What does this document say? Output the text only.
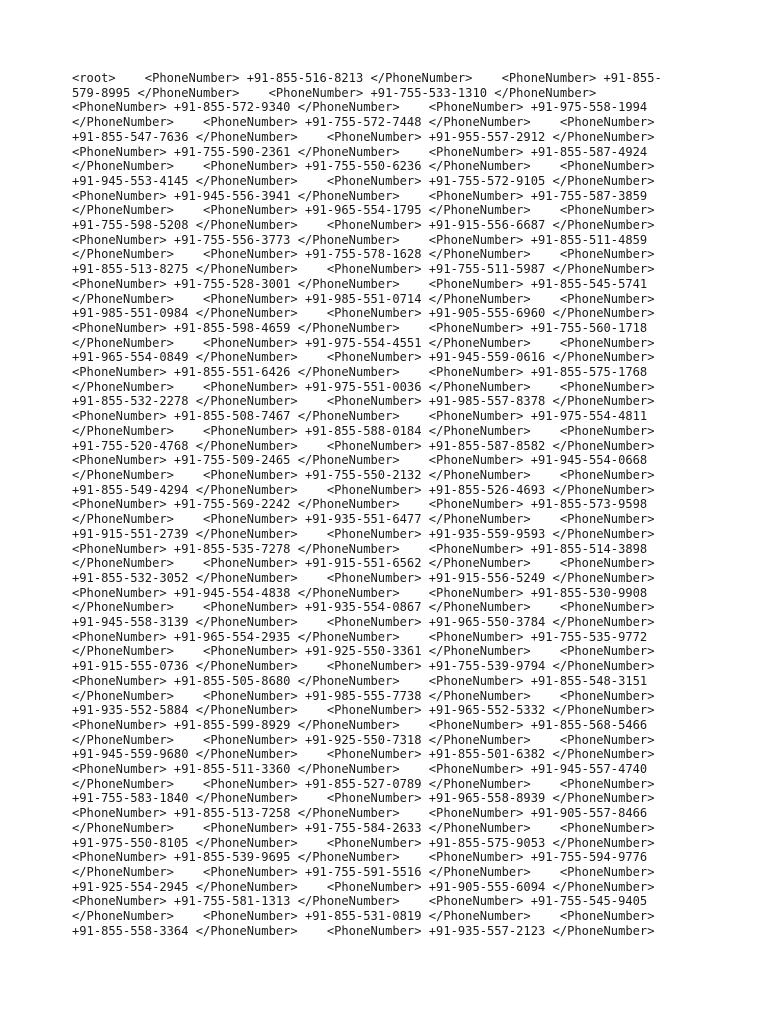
<root>    <PhoneNumber> +91-855-516-8213 </PhoneNumber>    <PhoneNumber> +91-855-
579-8995 </PhoneNumber>    <PhoneNumber> +91-755-533-1310 </PhoneNumber>
<PhoneNumber> +91-855-572-9340 </PhoneNumber>    <PhoneNumber> +91-975-558-1994
</PhoneNumber>    <PhoneNumber> +91-755-572-7448 </PhoneNumber>    <PhoneNumber>
+91-855-547-7636 </PhoneNumber>    <PhoneNumber> +91-955-557-2912 </PhoneNumber>
<PhoneNumber> +91-755-590-2361 </PhoneNumber>    <PhoneNumber> +91-855-587-4924
</PhoneNumber>    <PhoneNumber> +91-755-550-6236 </PhoneNumber>    <PhoneNumber>
+91-945-553-4145 </PhoneNumber>    <PhoneNumber> +91-755-572-9105 </PhoneNumber>
<PhoneNumber> +91-945-556-3941 </PhoneNumber>    <PhoneNumber> +91-755-587-3859
</PhoneNumber>    <PhoneNumber> +91-965-554-1795 </PhoneNumber>    <PhoneNumber>
+91-755-598-5208 </PhoneNumber>    <PhoneNumber> +91-915-556-6687 </PhoneNumber>
<PhoneNumber> +91-755-556-3773 </PhoneNumber>    <PhoneNumber> +91-855-511-4859
</PhoneNumber>    <PhoneNumber> +91-755-578-1628 </PhoneNumber>    <PhoneNumber>
+91-855-513-8275 </PhoneNumber>    <PhoneNumber> +91-755-511-5987 </PhoneNumber>
<PhoneNumber> +91-755-528-3001 </PhoneNumber>    <PhoneNumber> +91-855-545-5741
</PhoneNumber>    <PhoneNumber> +91-985-551-0714 </PhoneNumber>    <PhoneNumber>
+91-985-551-0984 </PhoneNumber>    <PhoneNumber> +91-905-555-6960 </PhoneNumber>
<PhoneNumber> +91-855-598-4659 </PhoneNumber>    <PhoneNumber> +91-755-560-1718
</PhoneNumber>    <PhoneNumber> +91-975-554-4551 </PhoneNumber>    <PhoneNumber>
+91-965-554-0849 </PhoneNumber>    <PhoneNumber> +91-945-559-0616 </PhoneNumber>
<PhoneNumber> +91-855-551-6426 </PhoneNumber>    <PhoneNumber> +91-855-575-1768
</PhoneNumber>    <PhoneNumber> +91-975-551-0036 </PhoneNumber>    <PhoneNumber>
+91-855-532-2278 </PhoneNumber>    <PhoneNumber> +91-985-557-8378 </PhoneNumber>
<PhoneNumber> +91-855-508-7467 </PhoneNumber>    <PhoneNumber> +91-975-554-4811
</PhoneNumber>    <PhoneNumber> +91-855-588-0184 </PhoneNumber>    <PhoneNumber>
+91-755-520-4768 </PhoneNumber>    <PhoneNumber> +91-855-587-8582 </PhoneNumber>
<PhoneNumber> +91-755-509-2465 </PhoneNumber>    <PhoneNumber> +91-945-554-0668
</PhoneNumber>    <PhoneNumber> +91-755-550-2132 </PhoneNumber>    <PhoneNumber>
+91-855-549-4294 </PhoneNumber>    <PhoneNumber> +91-855-526-4693 </PhoneNumber>
<PhoneNumber> +91-755-569-2242 </PhoneNumber>    <PhoneNumber> +91-855-573-9598
</PhoneNumber>    <PhoneNumber> +91-935-551-6477 </PhoneNumber>    <PhoneNumber>
+91-915-551-2739 </PhoneNumber>    <PhoneNumber> +91-935-559-9593 </PhoneNumber>
<PhoneNumber> +91-855-535-7278 </PhoneNumber>    <PhoneNumber> +91-855-514-3898
</PhoneNumber>    <PhoneNumber> +91-915-551-6562 </PhoneNumber>    <PhoneNumber>
+91-855-532-3052 </PhoneNumber>    <PhoneNumber> +91-915-556-5249 </PhoneNumber>
<PhoneNumber> +91-945-554-4838 </PhoneNumber>    <PhoneNumber> +91-855-530-9908
</PhoneNumber>    <PhoneNumber> +91-935-554-0867 </PhoneNumber>    <PhoneNumber>
+91-945-558-3139 </PhoneNumber>    <PhoneNumber> +91-965-550-3784 </PhoneNumber>
<PhoneNumber> +91-965-554-2935 </PhoneNumber>    <PhoneNumber> +91-755-535-9772
</PhoneNumber>    <PhoneNumber> +91-925-550-3361 </PhoneNumber>    <PhoneNumber>
+91-915-555-0736 </PhoneNumber>    <PhoneNumber> +91-755-539-9794 </PhoneNumber>
<PhoneNumber> +91-855-505-8680 </PhoneNumber>    <PhoneNumber> +91-855-548-3151
</PhoneNumber>    <PhoneNumber> +91-985-555-7738 </PhoneNumber>    <PhoneNumber>
+91-935-552-5884 </PhoneNumber>    <PhoneNumber> +91-965-552-5332 </PhoneNumber>
<PhoneNumber> +91-855-599-8929 </PhoneNumber>    <PhoneNumber> +91-855-568-5466
</PhoneNumber>    <PhoneNumber> +91-925-550-7318 </PhoneNumber>    <PhoneNumber>
+91-945-559-9680 </PhoneNumber>    <PhoneNumber> +91-855-501-6382 </PhoneNumber>
<PhoneNumber> +91-855-511-3360 </PhoneNumber>    <PhoneNumber> +91-945-557-4740
</PhoneNumber>    <PhoneNumber> +91-855-527-0789 </PhoneNumber>    <PhoneNumber>
+91-755-583-1840 </PhoneNumber>    <PhoneNumber> +91-965-558-8939 </PhoneNumber>
<PhoneNumber> +91-855-513-7258 </PhoneNumber>    <PhoneNumber> +91-905-557-8466
</PhoneNumber>    <PhoneNumber> +91-755-584-2633 </PhoneNumber>    <PhoneNumber>
+91-975-550-8105 </PhoneNumber>    <PhoneNumber> +91-855-575-9053 </PhoneNumber>
<PhoneNumber> +91-855-539-9695 </PhoneNumber>    <PhoneNumber> +91-755-594-9776
</PhoneNumber>    <PhoneNumber> +91-755-591-5516 </PhoneNumber>    <PhoneNumber>
+91-925-554-2945 </PhoneNumber>    <PhoneNumber> +91-905-555-6094 </PhoneNumber>
<PhoneNumber> +91-755-581-1313 </PhoneNumber>    <PhoneNumber> +91-755-545-9405
</PhoneNumber>    <PhoneNumber> +91-855-531-0819 </PhoneNumber>    <PhoneNumber>
+91-855-558-3364 </PhoneNumber>    <PhoneNumber> +91-935-557-2123 </PhoneNumber>
